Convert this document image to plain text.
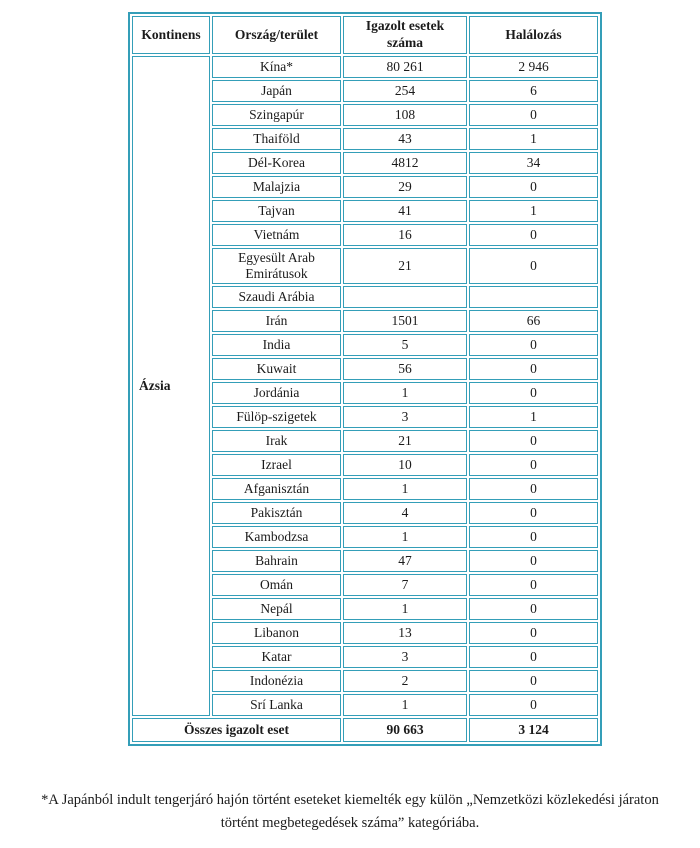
Kontinens	Ország/terület	Igazolt esetek száma	Halálozás
Ázsia	Kína*	80 261	2 946
	Japán	254	6
	Szingapúr	108	0
	Thaiföld	43	1
	Dél-Korea	4812	34
	Malajzia	29	0
	Tajvan	41	1
	Vietnám	16	0
	Egyesült Arab Emirátusok	21	0
	Szaudi Arábia		
	Irán	1501	66
	India	5	0
	Kuwait	56	0
	Jordánia	1	0
	Fülöp-szigetek	3	1
	Irak	21	0
	Izrael	10	0
	Afganisztán	1	0
	Pakisztán	4	0
	Kambodzsa	1	0
	Bahrain	47	0
	Omán	7	0
	Nepál	1	0
	Libanon	13	0
	Katar	3	0
	Indonézia	2	0
	Srí Lanka	1	0
Összes igazolt eset		90 663	3 124
*A Japánból indult tengerjáró hajón történt eseteket kiemelték egy külön „Nemzetközi közlekedési járaton
történt megbetegedések száma” kategóriába.
